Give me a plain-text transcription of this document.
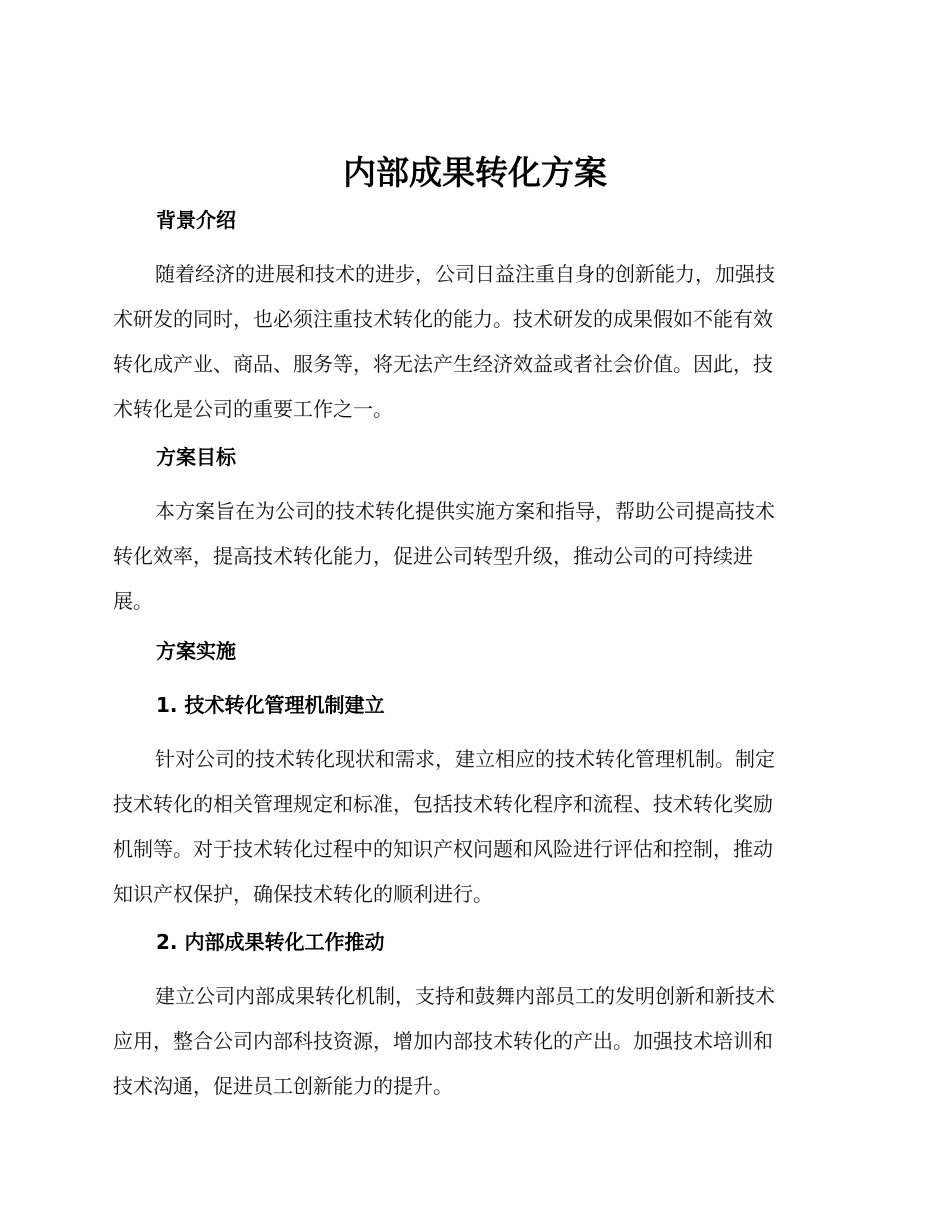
内部成果转化方案
背景介绍

随着经济的进展和技术的进步，公司日益注重自身的创新能力，加强技
术研发的同时，也必须注重技术转化的能力。技术研发的成果假如不能有效
转化成产业、商品、服务等，将无法产生经济效益或者社会价值。因此，技
术转化是公司的重要工作之一。

方案目标

本方案旨在为公司的技术转化提供实施方案和指导，帮助公司提高技术
转化效率，提高技术转化能力，促进公司转型升级，推动公司的可持续进
展。

方案实施
1. 技术转化管理机制建立

针对公司的技术转化现状和需求，建立相应的技术转化管理机制。制定
技术转化的相关管理规定和标准，包括技术转化程序和流程、技术转化奖励
机制等。对于技术转化过程中的知识产权问题和风险进行评估和控制，推动
知识产权保护，确保技术转化的顺利进行。

2. 内部成果转化工作推动

建立公司内部成果转化机制，支持和鼓舞内部员工的发明创新和新技术
应用，整合公司内部科技资源，增加内部技术转化的产出。加强技术培训和
技术沟通，促进员工创新能力的提升。
